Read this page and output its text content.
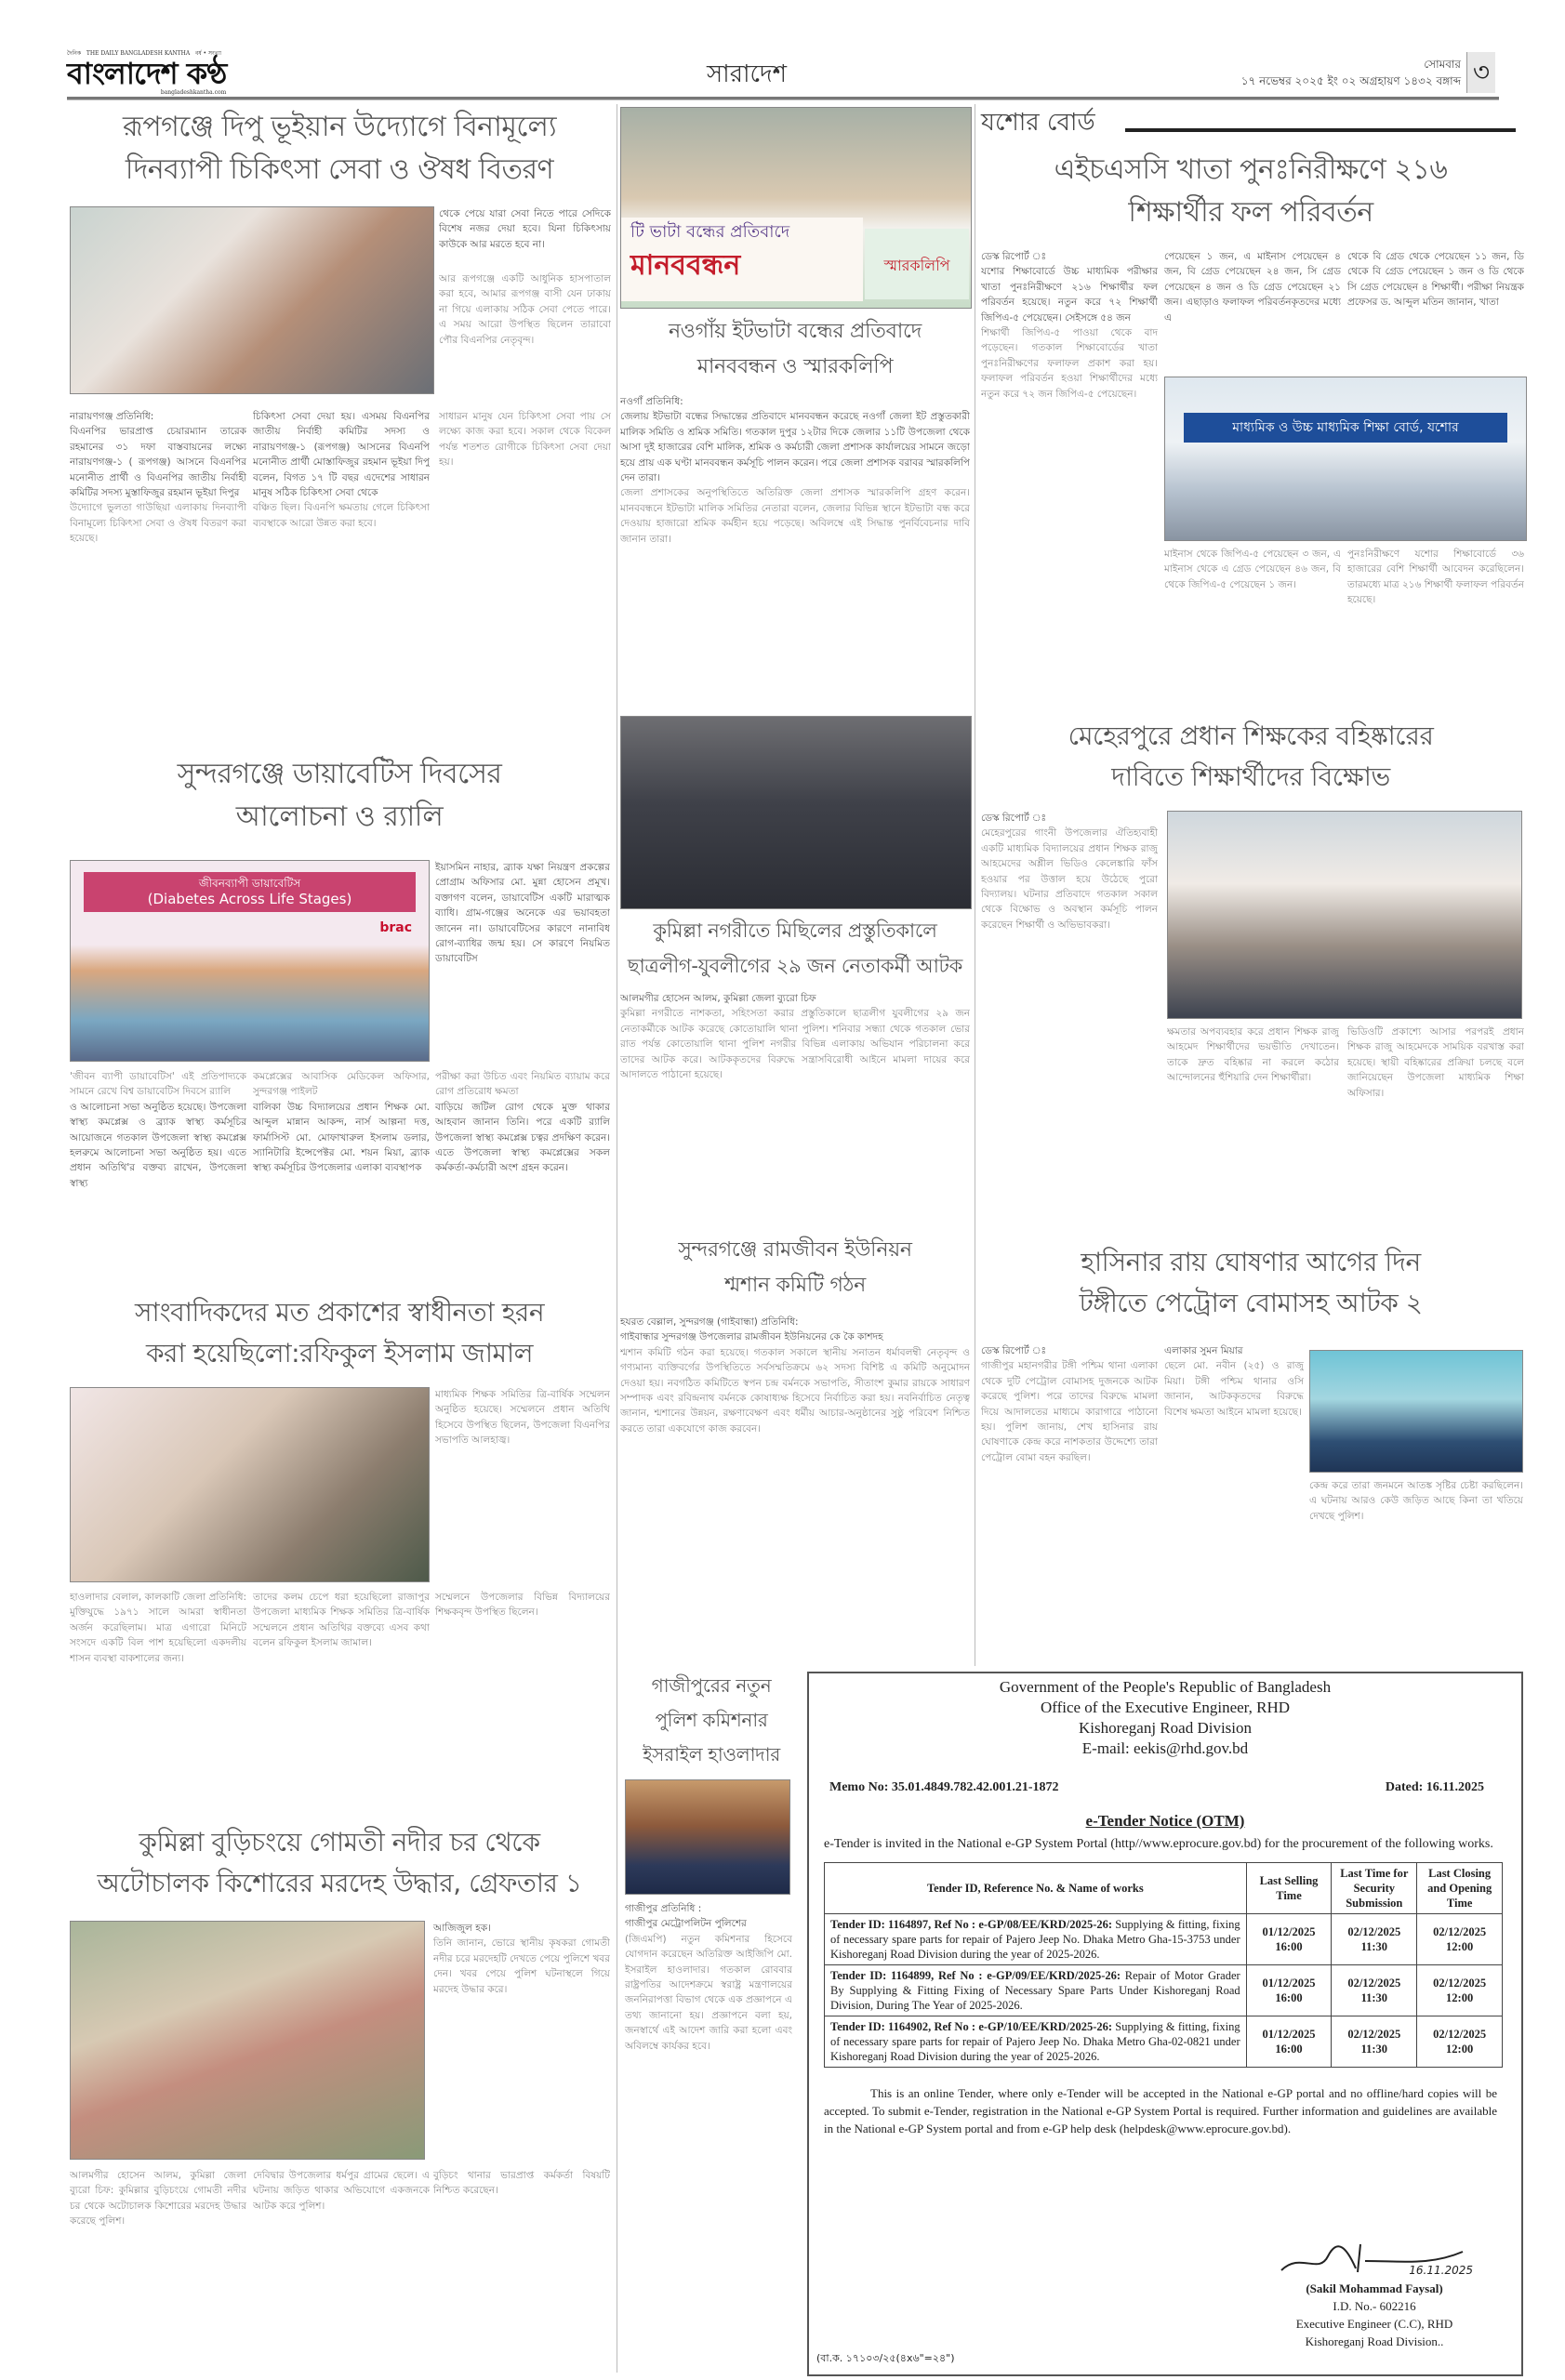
দৈনিক THE DAILY BANGLADESH KANTHA বর্ষ • সংখ্যা
বাংলাদেশ কণ্ঠ
bangladeshkantha.com
সারাদেশ	সোমবার
১৭ নভেম্বর ২০২৫ ইং ০২ অগ্রহায়ণ ১৪৩২ বঙ্গাব্দ ৩
রূপগঞ্জে দিপু ভূইয়ান উদ্যোগে বিনামূল্যে
দিনব্যাপী চিকিৎসা সেবা ও ঔষধ বিতরণ
থেকে পেয়ে যারা সেবা নিতে পারে সেদিকে বিশেষ নজর দেয়া হবে। যিনা চিকিৎসায় কাউকে আর মরতে হবে না।
আর রূপগঞ্জে একটি আধুনিক হাসপাতাল করা হবে, আমার রূপগঞ্জ বাসী যেন ঢাকায় না গিয়ে এলাকায় সঠিক সেবা পেতে পারে। এ সময় আরো উপস্থিত ছিলেন তারাবো পৌর বিএনপির নেতৃবৃন্দ।
নারায়ণগঞ্জ প্রতিনিধি:
বিএনপির ভারপ্রাপ্ত চেয়ারম্যান তারেক রহমানের ৩১ দফা বাস্তবায়নের লক্ষ্যে নারায়ণগঞ্জ-১ ( রূপগঞ্জ) আসনে বিএনপির মনোনীত প্রার্থী ও বিএনপির জাতীয় নির্বাহী কমিটির সদস্য মুস্তাফিজুর রহমান ভূইয়া দিপুর
উদ্যোগে ভুলতা গাউছিয়া এলাকায় দিনব্যাপী বিনামূল্যে চিকিৎসা সেবা ও ঔষধ বিতরণ করা হয়েছে।
চিকিৎসা সেবা দেয়া হয়। এসময় বিএনপির জাতীয় নির্বাহী কমিটির সদস্য ও নারায়ণগঞ্জ-১ (রূপগঞ্জ) আসনের বিএনপি মনোনীত প্রার্থী মোস্তাফিজুর রহমান ভূইয়া দিপু বলেন, বিগত ১৭ টি বছর এদেশের সাধারন মানুষ সঠিক চিকিৎসা সেবা থেকে
বঞ্চিত ছিল। বিএনপি ক্ষমতায় গেলে চিকিৎসা ব্যবস্থাকে আরো উন্নত করা হবে।
সাধারন মানুষ যেন চিকিৎসা সেবা পায় সে লক্ষ্যে কাজ করা হবে। সকাল থেকে বিকেল পর্যন্ত শতশত রোগীকে চিকিৎসা সেবা দেয়া হয়।
সুন্দরগঞ্জে ডায়াবেটিস দিবসের
আলোচনা ও র‌্যালি
জীবনব্যাপী ডায়াবেটিস
(Diabetes Across Life Stages)
brac
ইয়াসমিন নাহার, ব্র্যাক যক্ষা নিয়ন্ত্রণ প্রকল্পের প্রোগ্রাম অফিসার মো. মুন্না হোসেন প্রমূখ। বক্তাগণ বলেন, ডায়াবেটিস একটি মারাত্মক ব্যাধি। গ্রাম-গঞ্জের অনেকে এর ভয়াবহতা জানেন না। ডায়াবেটিসের কারণে নানাবিধ রোগ-ব্যাধির জন্ম হয়। সে কারণে নিয়মিত ডায়াবেটিস
'জীবন ব্যাপী ডায়াবেটিস' এই প্রতিপাদ্যকে সামনে রেখে বিশ্ব ডায়াবেটিস দিবসে র‌্যালি
ও আলোচনা সভা অনুষ্ঠিত হয়েছে। উপজেলা স্বাস্থ্য কমপ্লেক্স ও ব্র্যাক স্বাস্থ্য কর্মসূচির আয়োজনে গতকাল উপজেলা স্বাস্থ্য কমপ্লেক্স হলরুমে আলোচনা সভা অনুষ্ঠিত হয়। এতে প্রধান অতিথি'র বক্তব্য রাখেন, উপজেলা স্বাস্থ্য
কমপ্লেক্সের আবাসিক মেডিকেল অফিসার, সুন্দরগঞ্জ পাইলট
বালিকা উচ্চ বিদ্যালয়ের প্রধান শিক্ষক মো. আব্দুল মান্নান আকন্দ, নার্স আল্পনা দত্ত, ফার্মাসিস্ট মো. মোফাখারুল ইসলাম ডলার, স্যানিটারি ইন্সেপেক্টর মো. শয়ন মিয়া, ব্র্যাক স্বাস্থ্য কর্মসূচির উপজেলার এলাকা ব্যবস্থাপক
পরীক্ষা করা উচিত এবং নিয়মিত ব্যায়াম করে রোগ প্রতিরোধ ক্ষমতা
বাড়িয়ে জটিল রোগ থেকে মুক্ত থাকার আহবান জানান তিনি। পরে একটি র‌্যালি উপজেলা স্বাস্থ্য কমপ্লেক্স চত্বর প্রদক্ষিণ করেন। এতে উপজেলা স্বাস্থ্য কমপ্লেক্সের সকল কর্মকর্তা-কর্মচারী অংশ গ্রহন করেন।
সাংবাদিকদের মত প্রকাশের স্বাধীনতা হরন
করা হয়েছিলো:রফিকুল ইসলাম জামাল
মাধ্যমিক শিক্ষক সমিতির ত্রি-বার্ষিক সম্মেলন অনুষ্ঠিত হয়েছে। সম্মেলনে প্রধান অতিথি হিসেবে উপস্থিত ছিলেন, উপজেলা বিএনপির সভাপতি আলহাজ্ব।
হাওলাদার বেলাল, কালকাটি জেলা প্রতিনিধি: মুক্তিযুদ্ধে ১৯৭১ সালে আমরা স্বাধীনতা অর্জন করেছিলাম। মাত্র এগারো মিনিটে সংসদে একটি বিল পাশ হয়েছিলো একদলীয় শাসন ব্যবস্থা বাকশালের জন্য।
তাদের কলম চেপে ধরা হয়েছিলো রাজাপুর উপজেলা মাধ্যমিক শিক্ষক সমিতির ত্রি-বার্ষিক সম্মেলনে প্রধান অতিথির বক্তব্যে এসব কথা বলেন রফিকুল ইসলাম জামাল।
সম্মেলনে উপজেলার বিভিন্ন বিদ্যালয়ের শিক্ষকবৃন্দ উপস্থিত ছিলেন।
কুমিল্লা বুড়িচংয়ে গোমতী নদীর চর থেকে
অটোচালক কিশোরের মরদেহ উদ্ধার, গ্রেফতার ১
আজিজুল হক।
তিনি জানান, ভোরে স্থানীয় কৃষকরা গোমতী নদীর চরে মরদেহটি দেখতে পেয়ে পুলিশে খবর দেন। খবর পেয়ে পুলিশ ঘটনাস্থলে গিয়ে মরদেহ উদ্ধার করে।
আলমগীর হোসেন আলম, কুমিল্লা জেলা ব্যুরো চিফ: কুমিল্লার বুড়িচংয়ে গোমতী নদীর চর থেকে অটোচালক কিশোরের মরদেহ উদ্ধার করেছে পুলিশ।
দেবিদ্বার উপজেলার ধর্মপুর গ্রামের ছেলে। এ ঘটনায় জড়িত থাকার অভিযোগে একজনকে আটক করে পুলিশ।
বুড়িচং থানার ভারপ্রাপ্ত কর্মকর্তা বিষয়টি নিশ্চিত করেছেন।
টি ভাটা বন্ধের প্রতিবাদে
মানববন্ধন	স্মারকলিপি
নওগাঁয় ইটভাটা বন্ধের প্রতিবাদে
মানববন্ধন ও স্মারকলিপি
নওগাঁ প্রতিনিধি:
জেলায় ইটভাটা বন্ধের সিদ্ধান্তের প্রতিবাদে মানববন্ধন করেছে নওগাঁ জেলা ইট প্রস্তুতকারী মালিক সমিতি ও শ্রমিক সমিতি। গতকাল দুপুর ১২টার দিকে জেলার ১১টি উপজেলা থেকে আসা দুই হাজারের বেশি মালিক, শ্রমিক ও কর্মচারী জেলা প্রশাসক কার্যালয়ের সামনে জড়ো হয়ে প্রায় এক ঘণ্টা মানববন্ধন কর্মসূচি পালন করেন। পরে জেলা প্রশাসক বরাবর স্মারকলিপি দেন তারা।
জেলা প্রশাসকের অনুপস্থিতিতে অতিরিক্ত জেলা প্রশাসক স্মারকলিপি গ্রহণ করেন। মানববন্ধনে ইটভাটা মালিক সমিতির নেতারা বলেন, জেলার বিভিন্ন স্থানে ইটভাটা বন্ধ করে দেওয়ায় হাজারো শ্রমিক কর্মহীন হয়ে পড়েছে। অবিলম্বে এই সিদ্ধান্ত পুনর্বিবেচনার দাবি জানান তারা।
কুমিল্লা নগরীতে মিছিলের প্রস্তুতিকালে
ছাত্রলীগ-যুবলীগের ২৯ জন নেতাকর্মী আটক
আলমগীর হোসেন আলম, কুমিল্লা জেলা ব্যুরো চিফ
কুমিল্লা নগরীতে নাশকতা, সহিংসতা করার প্রস্তুতিকালে ছাত্রলীগ যুবলীগের ২৯ জন নেতাকর্মীকে আটক করেছে কোতোয়ালি থানা পুলিশ। শনিবার সন্ধ্যা থেকে গতকাল ভোর রাত পর্যন্ত কোতোয়ালি থানা পুলিশ নগরীর বিভিন্ন এলাকায় অভিযান পরিচালনা করে তাদের আটক করে। আটককৃতদের বিরুদ্ধে সন্ত্রাসবিরোধী আইনে মামলা দায়ের করে আদালতে পাঠানো হয়েছে।
সুন্দরগঞ্জে রামজীবন ইউনিয়ন
শ্মশান কমিটি গঠন
হযরত বেল্লাল, সুন্দরগঞ্জ (গাইবান্ধা) প্রতিনিধি:
গাইবান্ধার সুন্দরগঞ্জ উপজেলার রামজীবন ইউনিয়নের কে কৈ কাশদহ
শ্মশান কমিটি গঠন করা হয়েছে। গতকাল সকালে স্থানীয় সনাতন ধর্মাবলম্বী নেতৃবৃন্দ ও গণ্যমান্য ব্যক্তিবর্গের উপস্থিতিতে সর্বসম্মতিক্রমে ৬২ সদস্য বিশিষ্ট এ কমিটি অনুমোদন দেওয়া হয়। নবগঠিত কমিটিতে স্বপন চন্দ্র বর্মনকে সভাপতি, সীতাংশ কুমার রায়কে সাধারণ সম্পাদক এবং রবিন্দ্রনাথ বর্মনকে কোষাধ্যক্ষ হিসেবে নির্বাচিত করা হয়। নবনির্বাচিত নেতৃত্ব জানান, শ্মশানের উন্নয়ন, রক্ষণাবেক্ষণ এবং ধর্মীয় আচার-অনুষ্ঠানের সুষ্ঠু পরিবেশ নিশ্চিত করতে তারা একযোগে কাজ করবেন।
গাজীপুরের নতুন
পুলিশ কমিশনার
ইসরাইল হাওলাদার
গাজীপুর প্রতিনিধি :
গাজীপুর মেট্রোপলিটন পুলিশের
(জিএমপি) নতুন কমিশনার হিসেবে যোগদান করেছেন অতিরিক্ত আইজিপি মো. ইসরাইল হাওলাদার। গতকাল রোববার রাষ্ট্রপতির আদেশক্রমে স্বরাষ্ট্র মন্ত্রণালয়ের জননিরাপত্তা বিভাগ থেকে এক প্রজ্ঞাপনে এ তথ্য জানানো হয়। প্রজ্ঞাপনে বলা হয়, জনস্বার্থে এই আদেশ জারি করা হলো এবং অবিলম্বে কার্যকর হবে।
যশোর বোর্ড
এইচএসসি খাতা পুনঃনিরীক্ষণে ২১৬
শিক্ষার্থীর ফল পরিবর্তন
ডেস্ক রিপোর্ট ঃ
যশোর শিক্ষাবোর্ডে উচ্চ মাধ্যমিক পরীক্ষার খাতা পুনঃনিরীক্ষণে ২১৬ শিক্ষার্থীর ফল পরিবর্তন হয়েছে। নতুন করে ৭২ শিক্ষার্থী জিপিএ-৫ পেয়েছেন। সেইসঙ্গে ৫৪ জন
শিক্ষার্থী জিপিএ-৫ পাওয়া থেকে বাদ পড়েছেন। গতকাল শিক্ষাবোর্ডের খাতা পুনঃনিরীক্ষণের ফলাফল প্রকাশ করা হয়। ফলাফল পরিবর্তন হওয়া শিক্ষার্থীদের মধ্যে নতুন করে ৭২ জন জিপিএ-৫ পেয়েছেন।
পেয়েছেন ১ জন, এ মাইনাস পেয়েছেন ৪ জন, বি গ্রেড পেয়েছেন ২৪ জন, সি গ্রেড পেয়েছেন ৪ জন ও ডি গ্রেড পেয়েছেন ২১ জন। এছাড়াও ফলাফল পরিবর্তনকৃতদের মধ্যে এ
থেকে বি গ্রেড থেকে পেয়েছেন ১১ জন, ডি থেকে বি গ্রেড পেয়েছেন ১ জন ও ডি থেকে সি গ্রেড পেয়েছেন ৪ শিক্ষার্থী। পরীক্ষা নিয়ন্ত্রক প্রফেসর ড. আব্দুল মতিন জানান, খাতা
মাধ্যমিক ও উচ্চ মাধ্যমিক শিক্ষা বোর্ড, যশোর
মাইনাস থেকে জিপিএ-৫ পেয়েছেন ৩ জন, এ মাইনাস থেকে এ গ্রেড পেয়েছেন ৪৬ জন, বি থেকে জিপিএ-৫ পেয়েছেন ১ জন।
পুনঃনিরীক্ষণে যশোর শিক্ষাবোর্ডে ৩৬ হাজারের বেশি শিক্ষার্থী আবেদন করেছিলেন। তারমধ্যে মাত্র ২১৬ শিক্ষার্থী ফলাফল পরিবর্তন হয়েছে।
মেহেরপুরে প্রধান শিক্ষকের বহিষ্কারের
দাবিতে শিক্ষার্থীদের বিক্ষোভ
ডেস্ক রিপোর্ট ঃ
মেহেরপুরের গাংনী উপজেলার ঐতিহ্যবাহী একটি মাধ্যমিক বিদ্যালয়ের প্রধান শিক্ষক রাজু আহমেদের অশ্লীল ভিডিও কেলেঙ্কারি ফাঁস হওয়ার পর উত্তাল হয়ে উঠেছে পুরো বিদ্যালয়। ঘটনার প্রতিবাদে গতকাল সকাল থেকে বিক্ষোভ ও অবস্থান কর্মসূচি পালন করেছেন শিক্ষার্থী ও অভিভাবকরা।
ক্ষমতার অপব্যবহার করে প্রধান শিক্ষক রাজু আহমেদ শিক্ষার্থীদের ভয়ভীতি দেখাতেন। তাকে দ্রুত বহিষ্কার না করলে কঠোর আন্দোলনের হুঁশিয়ারি দেন শিক্ষার্থীরা।
ভিডিওটি প্রকাশ্যে আসার পরপরই প্রধান শিক্ষক রাজু আহমেদকে সাময়িক বরখাস্ত করা হয়েছে। স্থায়ী বহিষ্কারের প্রক্রিয়া চলছে বলে জানিয়েছেন উপজেলা মাধ্যমিক শিক্ষা অফিসার।
হাসিনার রায় ঘোষণার আগের দিন
টঙ্গীতে পেট্রোল বোমাসহ আটক ২
ডেস্ক রিপোর্ট ঃ
গাজীপুর মহানগরীর টঙ্গী পশ্চিম থানা এলাকা থেকে দুটি পেট্রোল বোমাসহ দুজনকে আটক করেছে পুলিশ। পরে তাদের বিরুদ্ধে মামলা দিয়ে আদালতের মাধ্যমে কারাগারে পাঠানো হয়। পুলিশ জানায়, শেখ হাসিনার রায় ঘোষণাকে কেন্দ্র করে নাশকতার উদ্দেশ্যে তারা পেট্রোল বোমা বহন করছিল।
এলাকার সুমন মিয়ার
ছেলে মো. নবীন (২৫) ও রাজু মিয়া। টঙ্গী পশ্চিম থানার ওসি জানান, আটককৃতদের বিরুদ্ধে বিশেষ ক্ষমতা আইনে মামলা হয়েছে।
কেন্দ্র করে তারা জনমনে আতঙ্ক সৃষ্টির চেষ্টা করছিলেন। এ ঘটনায় আরও কেউ জড়িত আছে কিনা তা খতিয়ে দেখছে পুলিশ।
Government of the People's Republic of Bangladesh
Office of the Executive Engineer, RHD
Kishoreganj Road Division
E-mail: eekis@rhd.gov.bd
Memo No: 35.01.4849.782.42.001.21-1872	Dated: 16.11.2025
e-Tender Notice (OTM)
e-Tender is invited in the National e-GP System Portal (http//www.eprocure.gov.bd) for the procurement of the following works.
Tender ID, Reference No. & Name of works	Last Selling Time	Last Time for Security Submission	Last Closing and Opening Time
Tender ID: 1164897, Ref No : e-GP/08/EE/KRD/2025-26: Supplying & fitting, fixing of necessary spare parts for repair of Pajero Jeep No. Dhaka Metro Gha-15-3753 under Kishoreganj Road Division during the year of 2025-2026.	01/12/2025 16:00	02/12/2025 11:30	02/12/2025 12:00
Tender ID: 1164899, Ref No : e-GP/09/EE/KRD/2025-26: Repair of Motor Grader By Supplying & Fitting Fixing of Necessary Spare Parts Under Kishoreganj Road Division, During The Year of 2025-2026.	01/12/2025 16:00	02/12/2025 11:30	02/12/2025 12:00
Tender ID: 1164902, Ref No : e-GP/10/EE/KRD/2025-26: Supplying & fitting, fixing of necessary spare parts for repair of Pajero Jeep No. Dhaka Metro Gha-02-0821 under Kishoreganj Road Division during the year of 2025-2026.	01/12/2025 16:00	02/12/2025 11:30	02/12/2025 12:00
This is an online Tender, where only e-Tender will be accepted in the National e-GP portal and no offline/hard copies will be accepted. To submit e-Tender, registration in the National e-GP System Portal is required. Further information and guidelines are available in the National e-GP System portal and from e-GP help desk (helpdesk@www.eprocure.gov.bd).
16.11.2025
(Sakil Mohammad Faysal)
I.D. No.- 602216
Executive Engineer (C.C), RHD
Kishoreganj Road Division..
(বা.ক. ১৭১০৩/২৫(৪x৬"=২৪")
